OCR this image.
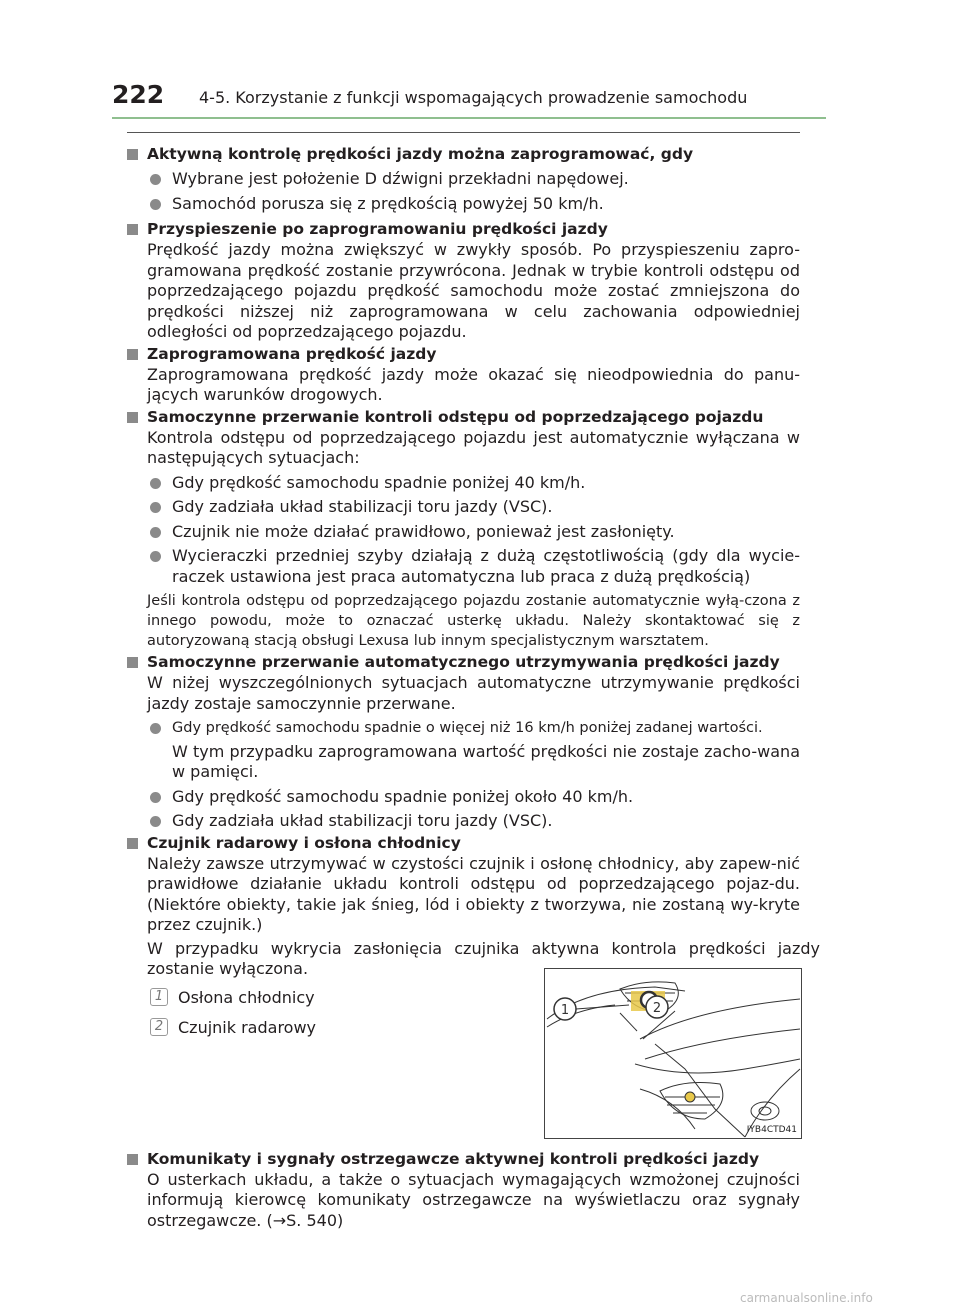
222 4-5. Korzystanie z funkcji wspomagających prowadzenie samochodu
Aktywną kontrolę prędkości jazdy można zaprogramować, gdy
Wybrane jest położenie D dźwigni przekładni napędowej.
Samochód porusza się z prędkością powyżej 50 km/h.
Przyspieszenie po zaprogramowaniu prędkości jazdy

Prędkość jazdy można zwiększyć w zwykły sposób. Po przyspieszeniu zapro-gramowana prędkość zostanie przywrócona. Jednak w trybie kontroli odstępu od poprzedzającego pojazdu prędkość samochodu może zostać zmniejszona do prędkości niższej niż zaprogramowana w celu zachowania odpowiedniej odległości od poprzedzającego pojazdu.

Zaprogramowana prędkość jazdy

Zaprogramowana prędkość jazdy może okazać się nieodpowiednia do panu-jących warunków drogowych.

Samoczynne przerwanie kontroli odstępu od poprzedzającego pojazdu

Kontrola odstępu od poprzedzającego pojazdu jest automatycznie wyłączana w następujących sytuacjach:

Gdy prędkość samochodu spadnie poniżej 40 km/h.
Gdy zadziała układ stabilizacji toru jazdy (VSC).
Czujnik nie może działać prawidłowo, ponieważ jest zasłonięty.
Wycieraczki przedniej szyby działają z dużą częstotliwością (gdy dla wycie-raczek ustawiona jest praca automatyczna lub praca z dużą prędkością)

Jeśli kontrola odstępu od poprzedzającego pojazdu zostanie automatycznie wyłą-czona z innego powodu, może to oznaczać usterkę układu. Należy skontaktować się z autoryzowaną stacją obsługi Lexusa lub innym specjalistycznym warsztatem.

Samoczynne przerwanie automatycznego utrzymywania prędkości jazdy

W niżej wyszczególnionych sytuacjach automatyczne utrzymywanie prędkości jazdy zostaje samoczynnie przerwane.

Gdy prędkość samochodu spadnie o więcej niż 16 km/h poniżej zadanej wartości.
W tym przypadku zaprogramowana wartość prędkości nie zostaje zacho-wana w pamięci.
Gdy prędkość samochodu spadnie poniżej około 40 km/h.
Gdy zadziała układ stabilizacji toru jazdy (VSC).
Czujnik radarowy i osłona chłodnicy

Należy zawsze utrzymywać w czystości czujnik i osłonę chłodnicy, aby zapew-nić prawidłowe działanie układu kontroli odstępu od poprzedzającego pojaz-du. (Niektóre obiekty, takie jak śnieg, lód i obiekty z tworzywa, nie zostaną wy-kryte przez czujnik.)

W przypadku wykrycia zasłonięcia czujnika aktywna kontrola prędkości jazdy zostanie wyłączona.

1 Osłona chłodnicy
2 Czujnik radarowy
Komunikaty i sygnały ostrzegawcze aktywnej kontroli prędkości jazdy

O usterkach układu, a także o sytuacjach wymagających wzmożonej czujności informują kierowcę komunikaty ostrzegawcze na wyświetlaczu oraz sygnały ostrzegawcze. (→S. 540)

1	2
IYB4CTD41
carmanualsonline.info
